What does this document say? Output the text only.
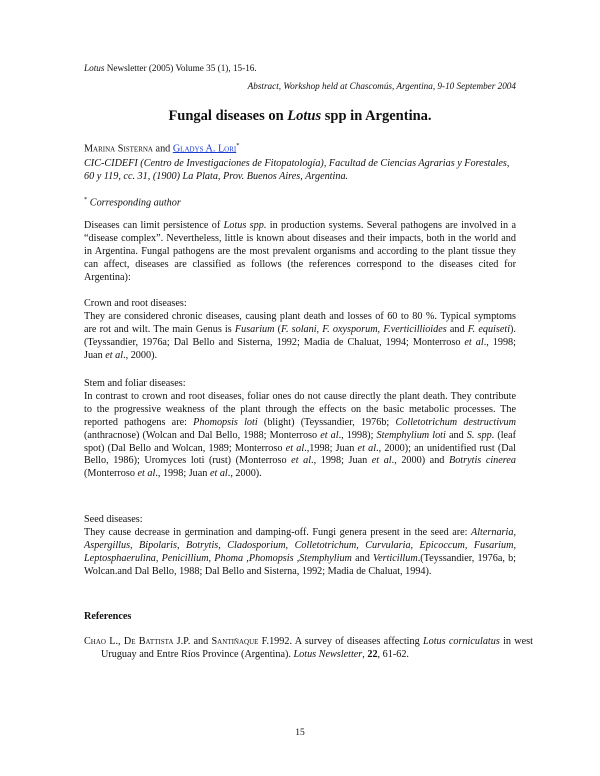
Lotus Newsletter (2005) Volume 35 (1), 15-16.
Abstract, Workshop held at Chascomús, Argentina, 9-10 September 2004
Fungal diseases on Lotus spp in Argentina.
Marina Sisterna and Gladys A. Lori*
CIC-CIDEFI (Centro de Investigaciones de Fitopatología), Facultad de Ciencias Agrarias y Forestales, 60 y 119, cc. 31, (1900) La Plata, Prov. Buenos Aires, Argentina.
* Corresponding author
Diseases can limit persistence of Lotus spp. in production systems. Several pathogens are involved in a “disease complex”. Nevertheless, little is known about diseases and their impacts, both in the world and in Argentina. Fungal pathogens are the most prevalent organisms and according to the plant tissue they can affect, diseases are classified as follows (the references correspond to the diseases cited for Argentina):
Crown and root diseases:
They are considered chronic diseases, causing plant death and losses of 60 to 80 %. Typical symptoms are rot and wilt. The main Genus is Fusarium (F. solani, F. oxysporum, F.verticillioides and F. equiseti). (Teyssandier, 1976a; Dal Bello and Sisterna, 1992; Madia de Chaluat, 1994; Monterroso et al., 1998; Juan et al., 2000).
Stem and foliar diseases:
In contrast to crown and root diseases, foliar ones do not cause directly the plant death. They contribute to the progressive weakness of the plant through the effects on the basic metabolic processes. The reported pathogens are: Phomopsis loti (blight) (Teyssandier, 1976b; Colletotrichum destructivum (anthracnose) (Wolcan and Dal Bello, 1988; Monterroso et al., 1998); Stemphylium loti and S. spp. (leaf spot) (Dal Bello and Wolcan, 1989; Monterroso et al.,1998; Juan et al., 2000); an unidentified rust (Dal Bello, 1986); Uromyces loti (rust) (Monterroso et al., 1998; Juan et al., 2000) and Botrytis cinerea (Monterroso et al., 1998; Juan et al., 2000).
Seed diseases:
They cause decrease in germination and damping-off. Fungi genera present in the seed are: Alternaria, Aspergillus, Bipolaris, Botrytis, Cladosporium, Colletotrichum, Curvularia, Epicoccum, Fusarium, Leptosphaerulina, Penicillium, Phoma ,Phomopsis ,Stemphylium and Verticillum.(Teyssandier, 1976a, b; Wolcan.and Dal Bello, 1988; Dal Bello and Sisterna, 1992; Madia de Chaluat, 1994).
References
Chao L., De Battista J.P. and Santiñaque F.1992. A survey of diseases affecting Lotus corniculatus in west Uruguay and Entre Ríos Province (Argentina). Lotus Newsletter, 22, 61-62.
15
